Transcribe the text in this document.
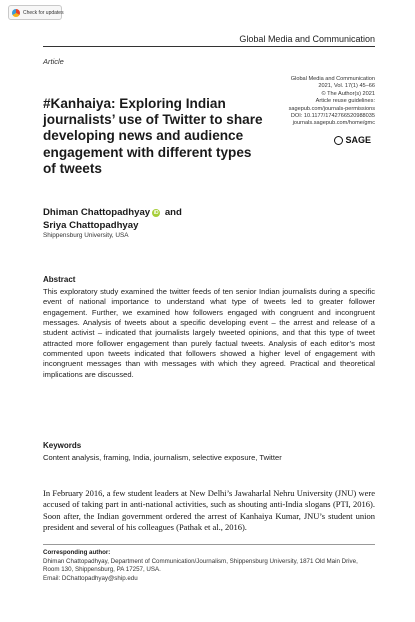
Check for updates
Global Media and Communication
Article
Global Media and Communication
2021, Vol. 17(1) 45–66
© The Author(s) 2021
Article reuse guidelines:
sagepub.com/journals-permissions
DOI: 10.1177/1742766520988035
journals.sagepub.com/home/gmc
SAGE
#Kanhaiya: Exploring Indian journalists’ use of Twitter to share developing news and audience engagement with different types of tweets
Dhiman Chattopadhyay iD and
Sriya Chattopadhyay
Shippensburg University, USA
Abstract

This exploratory study examined the twitter feeds of ten senior Indian journalists during a specific event of national importance to understand what type of tweets led to greater follower engagement. Further, we examined how followers engaged with congruent and incongruent messages. Analysis of tweets about a specific developing event – the arrest and release of a student activist – indicated that journalists largely tweeted opinions, and that this type of tweet attracted more follower engagement than purely factual tweets. Analysis of each editor’s most commented upon tweets indicated that followers showed a higher level of engagement with incongruent messages than with messages with which they agreed. Practical and theoretical implications are discussed.

Keywords
Content analysis, framing, India, journalism, selective exposure, Twitter

In February 2016, a few student leaders at New Delhi’s Jawaharlal Nehru University (JNU) were accused of taking part in anti-national activities, such as shouting anti-India slogans (PTI, 2016). Soon after, the Indian government ordered the arrest of Kanhaiya Kumar, JNU’s student union president and several of his colleagues (Pathak et al., 2016).

Corresponding author:
Dhiman Chattopadhyay, Department of Communication/Journalism, Shippensburg University, 1871 Old Main Drive, Room 130, Shippensburg, PA 17257, USA.
Email: DChattopadhyay@ship.edu
